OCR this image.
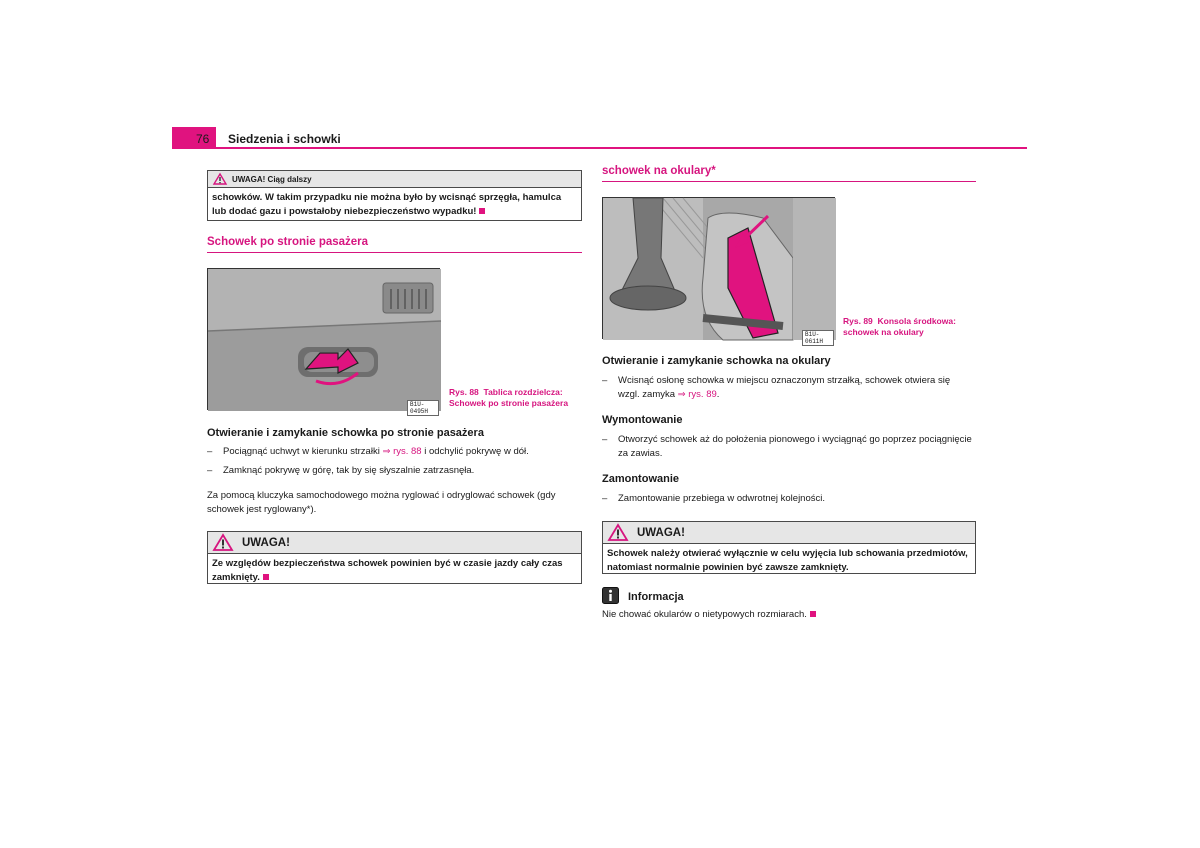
76	Siedzenia i schowki
UWAGA! Ciąg dalszy
schowków. W takim przypadku nie można było by wcisnąć sprzęgła, hamulca lub dodać gazu i powstałoby niebezpieczeństwo wypadku!
Schowek po stronie pasażera
B1U-0495H
Rys. 88 Tablica rozdzielcza:
Schowek po stronie pasażera
Otwieranie i zamykanie schowka po stronie pasażera
–	Pociągnąć uchwyt w kierunku strzałki ⇒ rys. 88 i odchylić pokrywę w dół.
–	Zamknąć pokrywę w górę, tak by się słyszalnie zatrzasnęła.
Za pomocą kluczyka samochodowego można ryglować i odryglować schowek (gdy schowek jest ryglowany*).
UWAGA!
Ze względów bezpieczeństwa schowek powinien być w czasie jazdy cały czas zamknięty.
schowek na okulary*
B1U-0611H
Rys. 89 Konsola środkowa:
schowek na okulary
Otwieranie i zamykanie schowka na okulary
–	Wcisnąć osłonę schowka w miejscu oznaczonym strzałką, schowek otwiera się wzgl. zamyka ⇒ rys. 89.
Wymontowanie
–	Otworzyć schowek aż do położenia pionowego i wyciągnąć go poprzez pociągnięcie za zawias.
Zamontowanie
–	Zamontowanie przebiega w odwrotnej kolejności.
UWAGA!
Schowek należy otwierać wyłącznie w celu wyjęcia lub schowania przedmiotów, natomiast normalnie powinien być zawsze zamknięty.
Informacja
Nie chować okularów o nietypowych rozmiarach.
